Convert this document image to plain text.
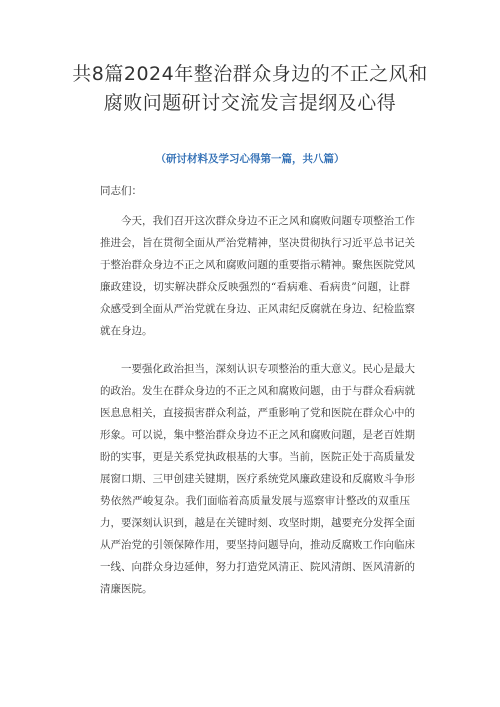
共8篇2024年整治群众身边的不正之风和
腐败问题研讨交流发言提纲及心得
（研讨材料及学习心得第一篇，共八篇）
同志们：
今天，我们召开这次群众身边不正之风和腐败问题专项整治工作
推进会，旨在贯彻全面从严治党精神，坚决贯彻执行习近平总书记关
于整治群众身边不正之风和腐败问题的重要指示精神。聚焦医院党风
廉政建设，切实解决群众反映强烈的“看病难、看病贵”问题，让群
众感受到全面从严治党就在身边、正风肃纪反腐就在身边、纪检监察
就在身边。
一要强化政治担当，深刻认识专项整治的重大意义。民心是最大
的政治。发生在群众身边的不正之风和腐败问题，由于与群众看病就
医息息相关，直接损害群众利益，严重影响了党和医院在群众心中的
形象。可以说，集中整治群众身边不正之风和腐败问题，是老百姓期
盼的实事，更是关系党执政根基的大事。当前，医院正处于高质量发
展窗口期、三甲创建关键期，医疗系统党风廉政建设和反腐败斗争形
势依然严峻复杂。我们面临着高质量发展与巡察审计整改的双重压
力，要深刻认识到，越是在关键时刻、攻坚时期，越要充分发挥全面
从严治党的引领保障作用，要坚持问题导向，推动反腐败工作向临床
一线、向群众身边延伸，努力打造党风清正、院风清朗、医风清新的
清廉医院。
